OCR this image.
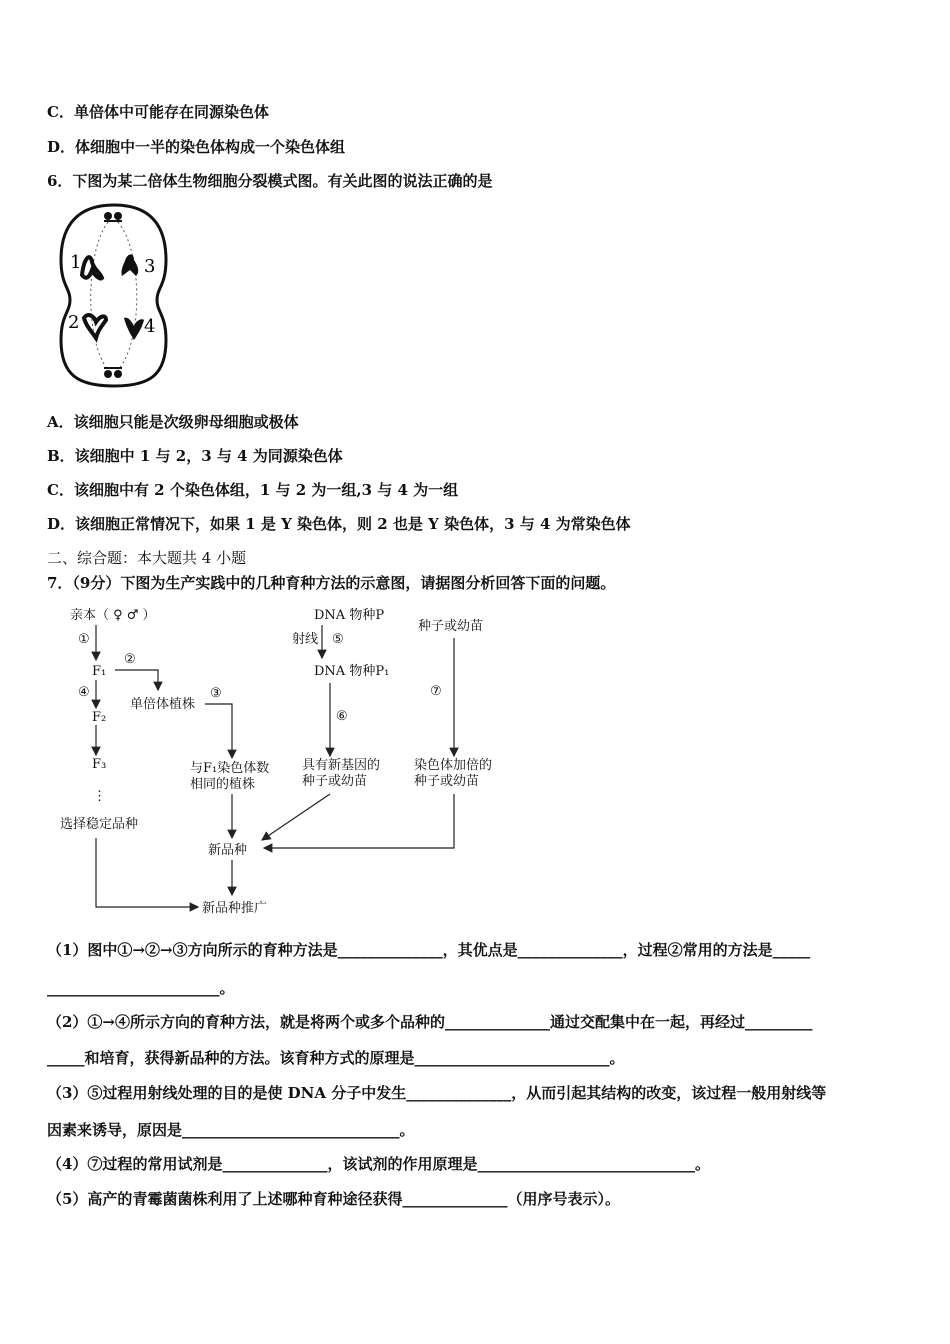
C．单倍体中可能存在同源染色体
D．体细胞中一半的染色体构成一个染色体组
6．下图为某二倍体生物细胞分裂模式图。有关此图的说法正确的是
1
2
3
4
A．该细胞只能是次级卵母细胞或极体
B．该细胞中 1 与 2，3 与 4 为同源染色体
C．该细胞中有 2 个染色体组，1 与 2 为一组,3 与 4 为一组
D．该细胞正常情况下，如果 1 是 Y 染色体，则 2 也是 Y 染色体，3 与 4 为常染色体
二、综合题：本大题共 4 小题
7．（9分）下图为生产实践中的几种育种方法的示意图，请据图分析回答下面的问题。
亲本（ ♀ ♂ ）
①
F₁
②
④
F₂
F₃
⋮
选择稳定品种
单倍体植株
③
与F₁染色体数
相同的植株
DNA 物种P
射线 ⑤
DNA 物种P₁
⑥
具有新基因的
种子或幼苗
种子或幼苗
⑦
染色体加倍的
种子或幼苗
新品种
新品种推广
（1）图中①→②→③方向所示的育种方法是______________，其优点是______________，过程②常用的方法是_____
_______________________。
（2）①→④所示方向的育种方法，就是将两个或多个品种的______________通过交配集中在一起，再经过_________
_____和培育，获得新品种的方法。该育种方式的原理是__________________________。
（3）⑤过程用射线处理的目的是使 DNA 分子中发生______________，从而引起其结构的改变，该过程一般用射线等
因素来诱导，原因是_____________________________。
（4）⑦过程的常用试剂是______________，该试剂的作用原理是_____________________________。
（5）高产的青霉菌菌株利用了上述哪种育种途径获得______________（用序号表示）。
